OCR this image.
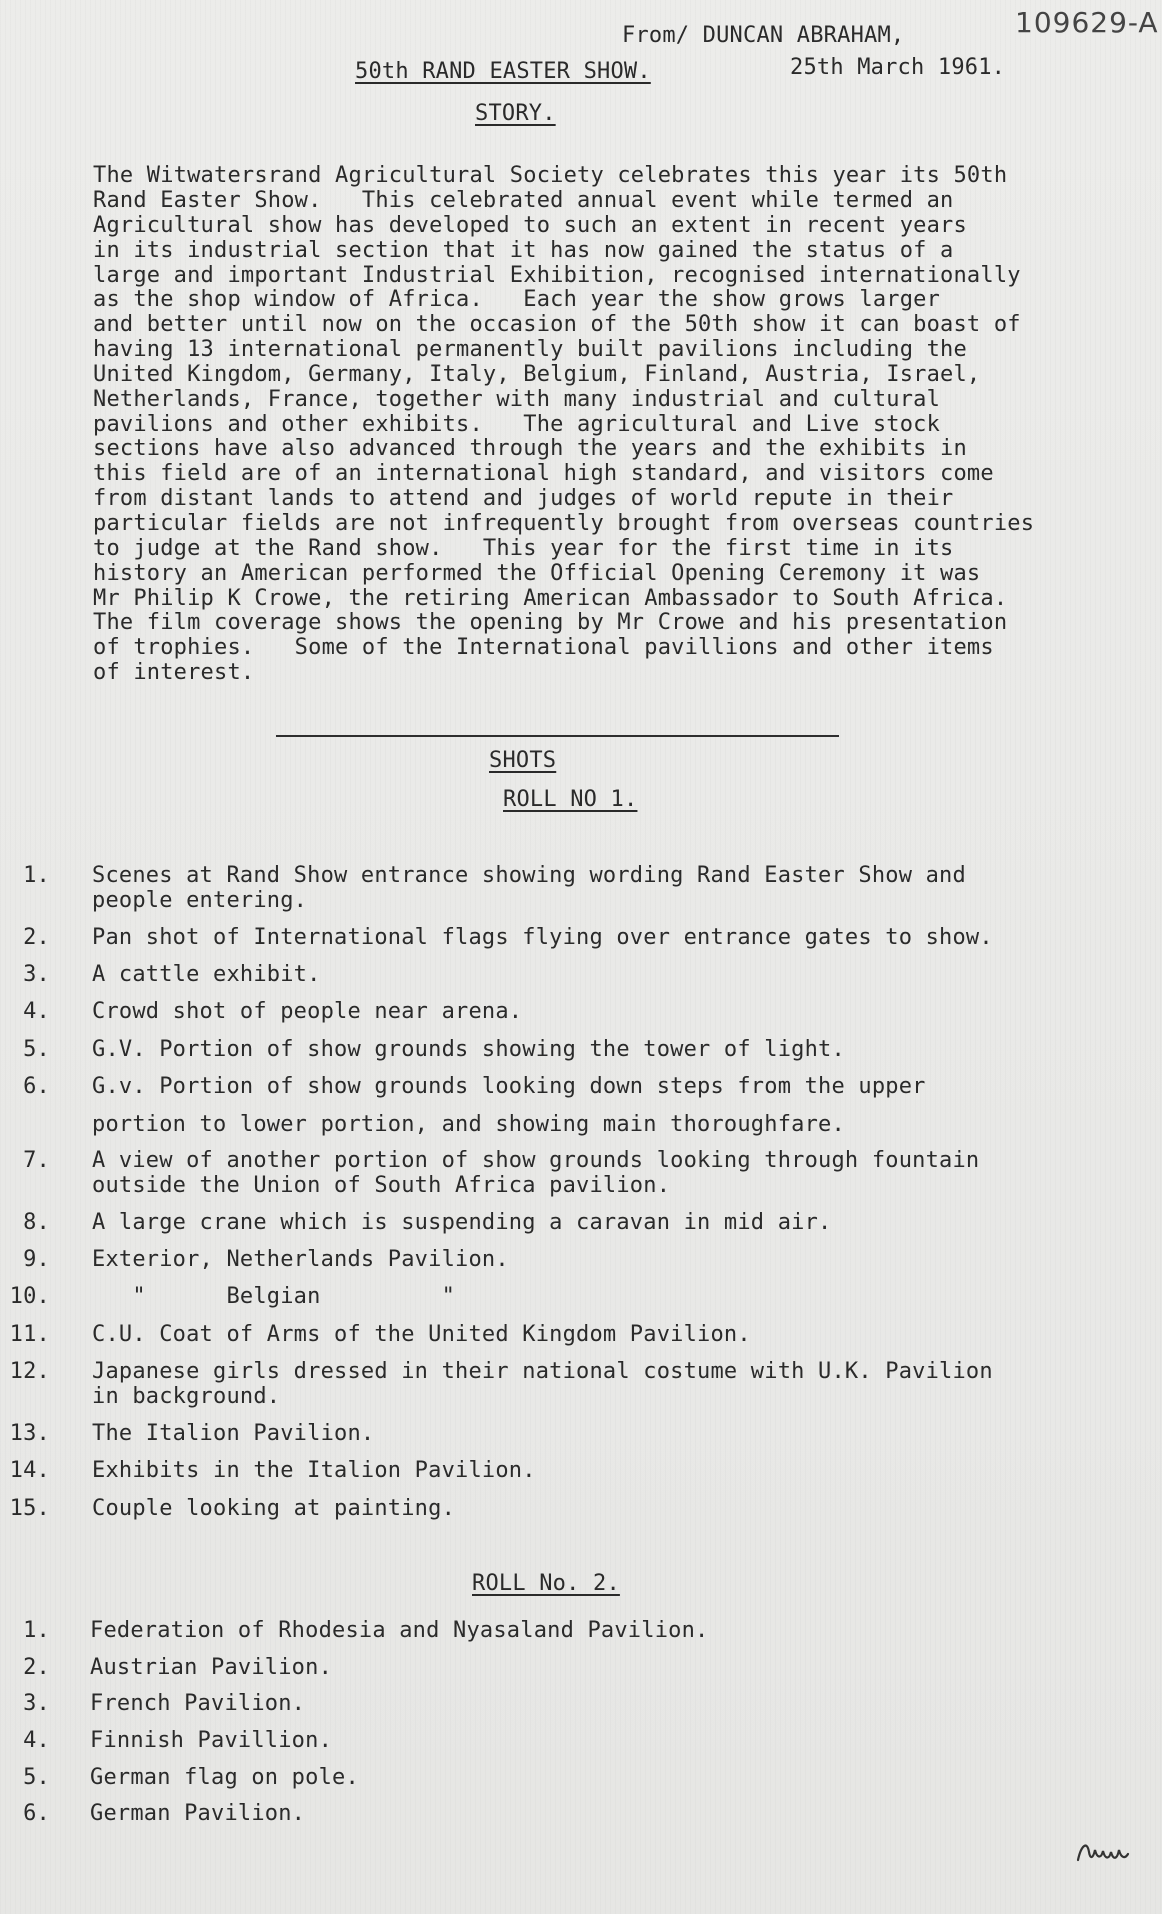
109629-A
From/ DUNCAN ABRAHAM,
25th March 1961.
50th RAND EASTER SHOW.
STORY.
The Witwatersrand Agricultural Society celebrates this year its 50th
Rand Easter Show.   This celebrated annual event while termed an
Agricultural show has developed to such an extent in recent years
in its industrial section that it has now gained the status of a
large and important Industrial Exhibition, recognised internationally
as the shop window of Africa.   Each year the show grows larger
and better until now on the occasion of the 50th show it can boast of
having 13 international permanently built pavilions including the
United Kingdom, Germany, Italy, Belgium, Finland, Austria, Israel,
Netherlands, France, together with many industrial and cultural
pavilions and other exhibits.   The agricultural and Live stock
sections have also advanced through the years and the exhibits in
this field are of an international high standard, and visitors come
from distant lands to attend and judges of world repute in their
particular fields are not infrequently brought from overseas countries
to judge at the Rand show.   This year for the first time in its
history an American performed the Official Opening Ceremony it was
Mr Philip K Crowe, the retiring American Ambassador to South Africa.
The film coverage shows the opening by Mr Crowe and his presentation
of trophies.   Some of the International pavillions and other items
of interest.
SHOTS
ROLL NO 1.
1. Scenes at Rand Show entrance showing wording Rand Easter Show and
people entering.
2. Pan shot of International flags flying over entrance gates to show.
3. A cattle exhibit.
4. Crowd shot of people near arena.
5. G.V. Portion of show grounds showing the tower of light.
6. G.v. Portion of show grounds looking down steps from the upper
portion to lower portion, and showing main thoroughfare.
7. A view of another portion of show grounds looking through fountain
outside the Union of South Africa pavilion.
8. A large crane which is suspending a caravan in mid air.
9. Exterior, Netherlands Pavilion.
10. "      Belgian         "
11. C.U. Coat of Arms of the United Kingdom Pavilion.
12. Japanese girls dressed in their national costume with U.K. Pavilion
in background.
13. The Italion Pavilion.
14. Exhibits in the Italion Pavilion.
15. Couple looking at painting.
ROLL No. 2.
1. Federation of Rhodesia and Nyasaland Pavilion.
2. Austrian Pavilion.
3. French Pavilion.
4. Finnish Pavillion.
5. German flag on pole.
6. German Pavilion.
